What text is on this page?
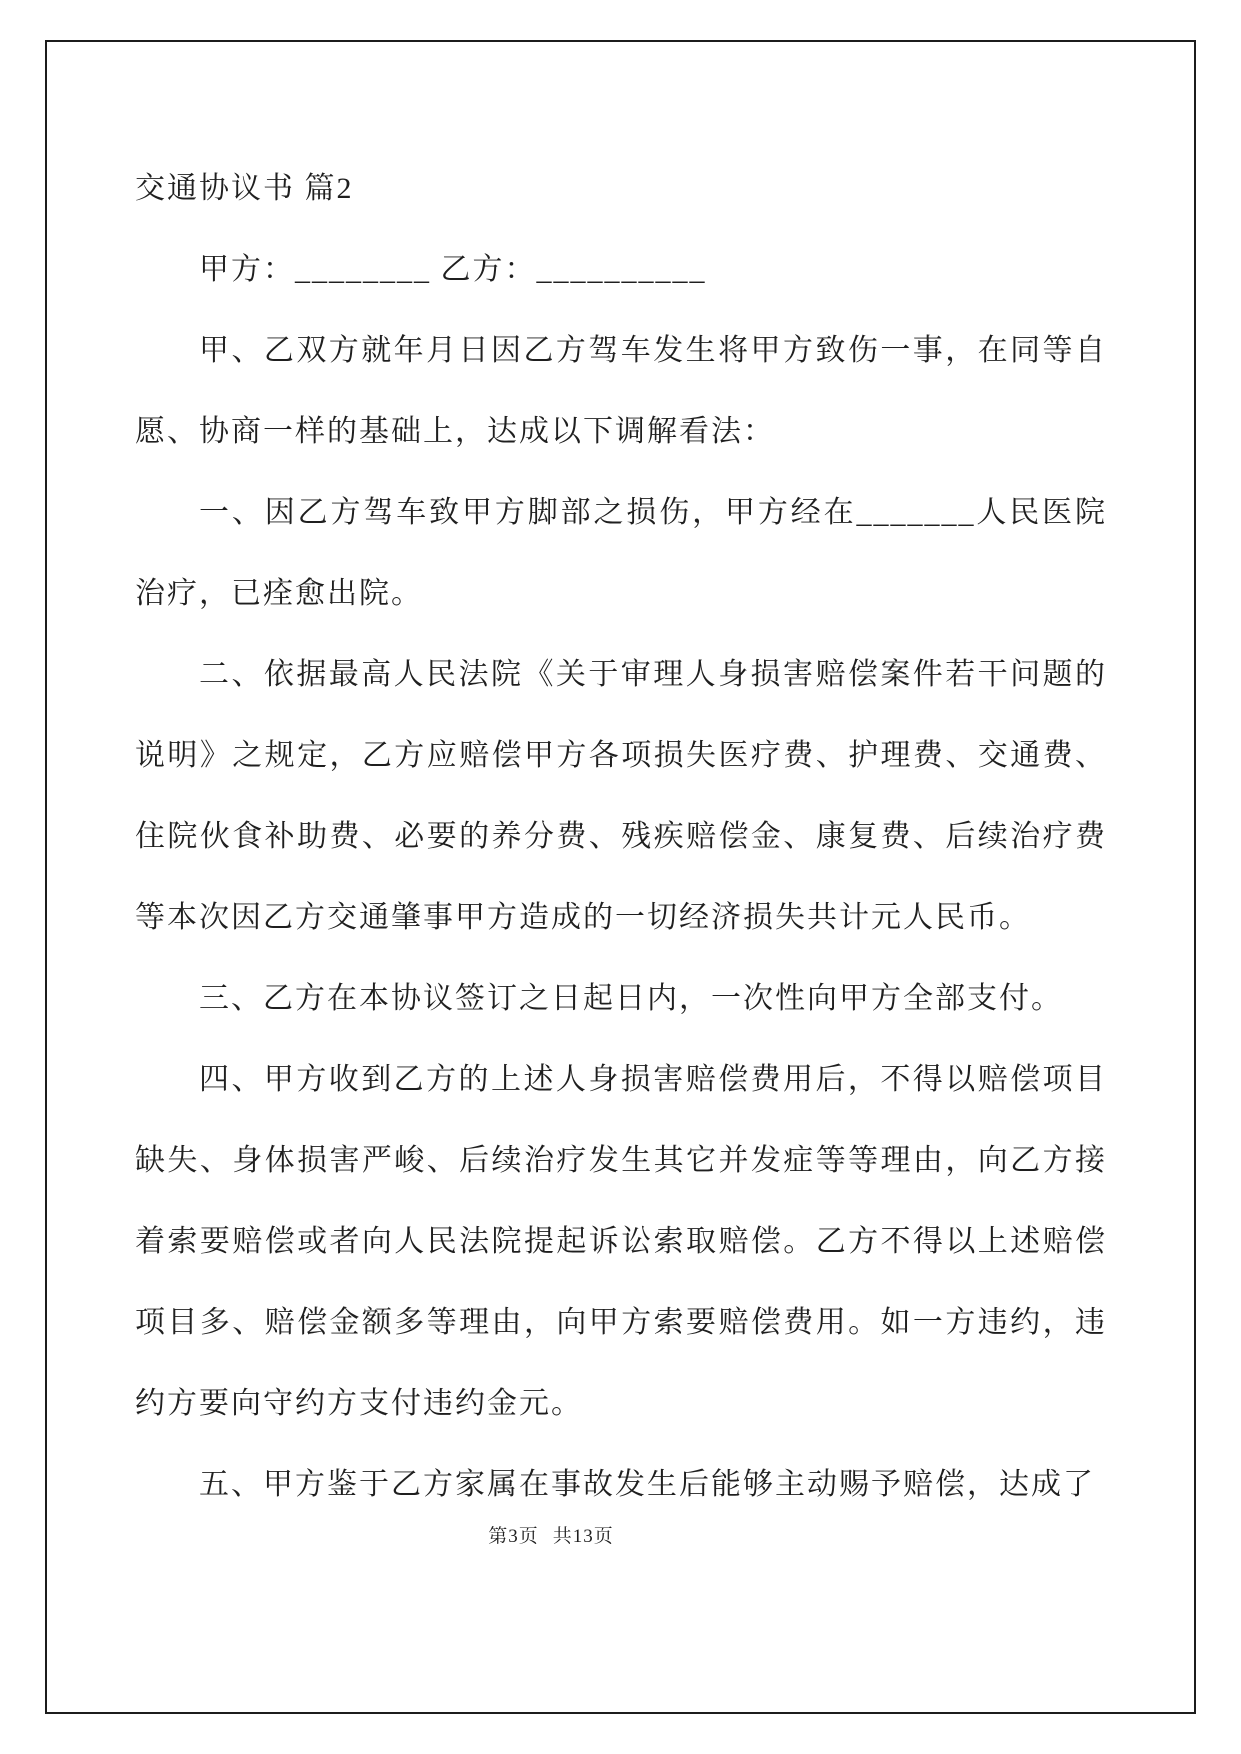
交通协议书 篇2

甲方：________ 乙方：__________

甲、乙双方就年月日因乙方驾车发生将甲方致伤一事，在同等自愿、协商一样的基础上，达成以下调解看法：

一、因乙方驾车致甲方脚部之损伤，甲方经在_______人民医院治疗，已痊愈出院。

二、依据最高人民法院《关于审理人身损害赔偿案件若干问题的说明》之规定，乙方应赔偿甲方各项损失医疗费、护理费、交通费、住院伙食补助费、必要的养分费、残疾赔偿金、康复费、后续治疗费等本次因乙方交通肇事甲方造成的一切经济损失共计元人民币。

三、乙方在本协议签订之日起日内，一次性向甲方全部支付。

四、甲方收到乙方的上述人身损害赔偿费用后，不得以赔偿项目缺失、身体损害严峻、后续治疗发生其它并发症等等理由，向乙方接着索要赔偿或者向人民法院提起诉讼索取赔偿。乙方不得以上述赔偿项目多、赔偿金额多等理由，向甲方索要赔偿费用。如一方违约，违约方要向守约方支付违约金元。

五、甲方鉴于乙方家属在事故发生后能够主动赐予赔偿，达成了

第3页 共13页
